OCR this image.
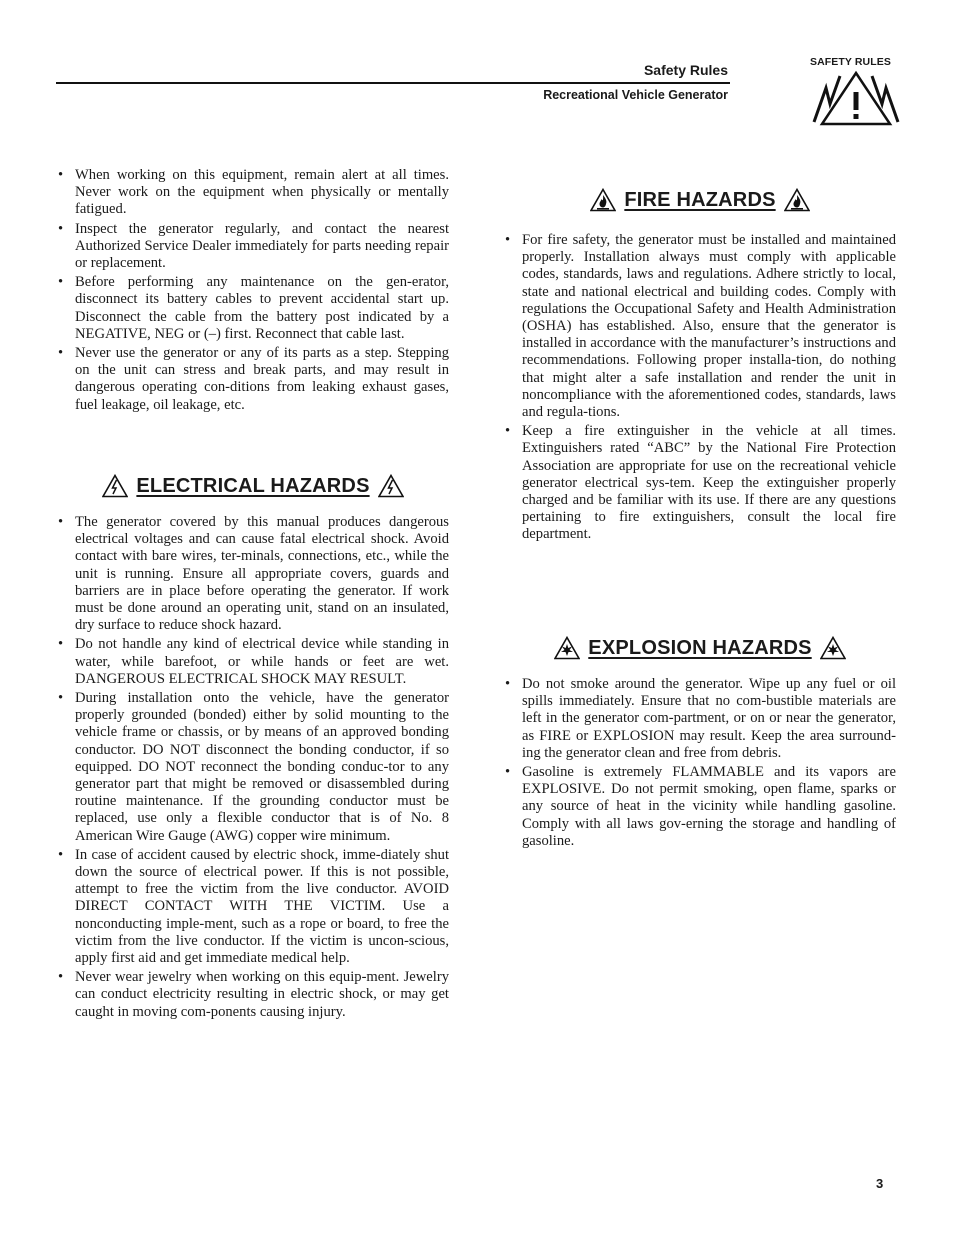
Safety Rules
Recreational Vehicle Generator
SAFETY RULES
• When working on this equipment, remain alert at all times. Never work on the equipment when physically or mentally fatigued.
• Inspect the generator regularly, and contact the nearest Authorized Service Dealer immediately for parts needing repair or replacement.
• Before performing any maintenance on the gen-erator, disconnect its battery cables to prevent accidental start up. Disconnect the cable from the battery post indicated by a NEGATIVE, NEG or (–) first. Reconnect that cable last.
• Never use the generator or any of its parts as a step. Stepping on the unit can stress and break parts, and may result in dangerous operating con-ditions from leaking exhaust gases, fuel leakage, oil leakage, etc.
ELECTRICAL HAZARDS
• The generator covered by this manual produces dangerous electrical voltages and can cause fatal electrical shock. Avoid contact with bare wires, ter-minals, connections, etc., while the unit is running. Ensure all appropriate covers, guards and barriers are in place before operating the generator. If work must be done around an operating unit, stand on an insulated, dry surface to reduce shock hazard.
• Do not handle any kind of electrical device while standing in water, while barefoot, or while hands or feet are wet. DANGEROUS ELECTRICAL SHOCK MAY RESULT.
• During installation onto the vehicle, have the generator properly grounded (bonded) either by solid mounting to the vehicle frame or chassis, or by means of an approved bonding conductor. DO NOT disconnect the bonding conductor, if so equipped. DO NOT reconnect the bonding conduc-tor to any generator part that might be removed or disassembled during routine maintenance. If the grounding conductor must be replaced, use only a flexible conductor that is of No. 8 American Wire Gauge (AWG) copper wire minimum.
• In case of accident caused by electric shock, imme-diately shut down the source of electrical power. If this is not possible, attempt to free the victim from the live conductor. AVOID DIRECT CONTACT WITH THE VICTIM. Use a nonconducting imple-ment, such as a rope or board, to free the victim from the live conductor. If the victim is uncon-scious, apply first aid and get immediate medical help.
• Never wear jewelry when working on this equip-ment. Jewelry can conduct electricity resulting in electric shock, or may get caught in moving com-ponents causing injury.
FIRE HAZARDS
• For fire safety, the generator must be installed and maintained properly. Installation always must comply with applicable codes, standards, laws and regulations. Adhere strictly to local, state and national electrical and building codes. Comply with regulations the Occupational Safety and Health Administration (OSHA) has established. Also, ensure that the generator is installed in accordance with the manufacturer’s instructions and recommendations. Following proper installa-tion, do nothing that might alter a safe installation and render the unit in noncompliance with the aforementioned codes, standards, laws and regula-tions.
• Keep a fire extinguisher in the vehicle at all times. Extinguishers rated “ABC” by the National Fire Protection Association are appropriate for use on the recreational vehicle generator electrical sys-tem. Keep the extinguisher properly charged and be familiar with its use. If there are any questions pertaining to fire extinguishers, consult the local fire department.
EXPLOSION HAZARDS
• Do not smoke around the generator. Wipe up any fuel or oil spills immediately. Ensure that no com-bustible materials are left in the generator com-partment, or on or near the generator, as FIRE or EXPLOSION may result. Keep the area surround-ing the generator clean and free from debris.
• Gasoline is extremely FLAMMABLE and its vapors are EXPLOSIVE. Do not permit smoking, open flame, sparks or any source of heat in the vicinity while handling gasoline. Comply with all laws gov-erning the storage and handling of gasoline.
3
